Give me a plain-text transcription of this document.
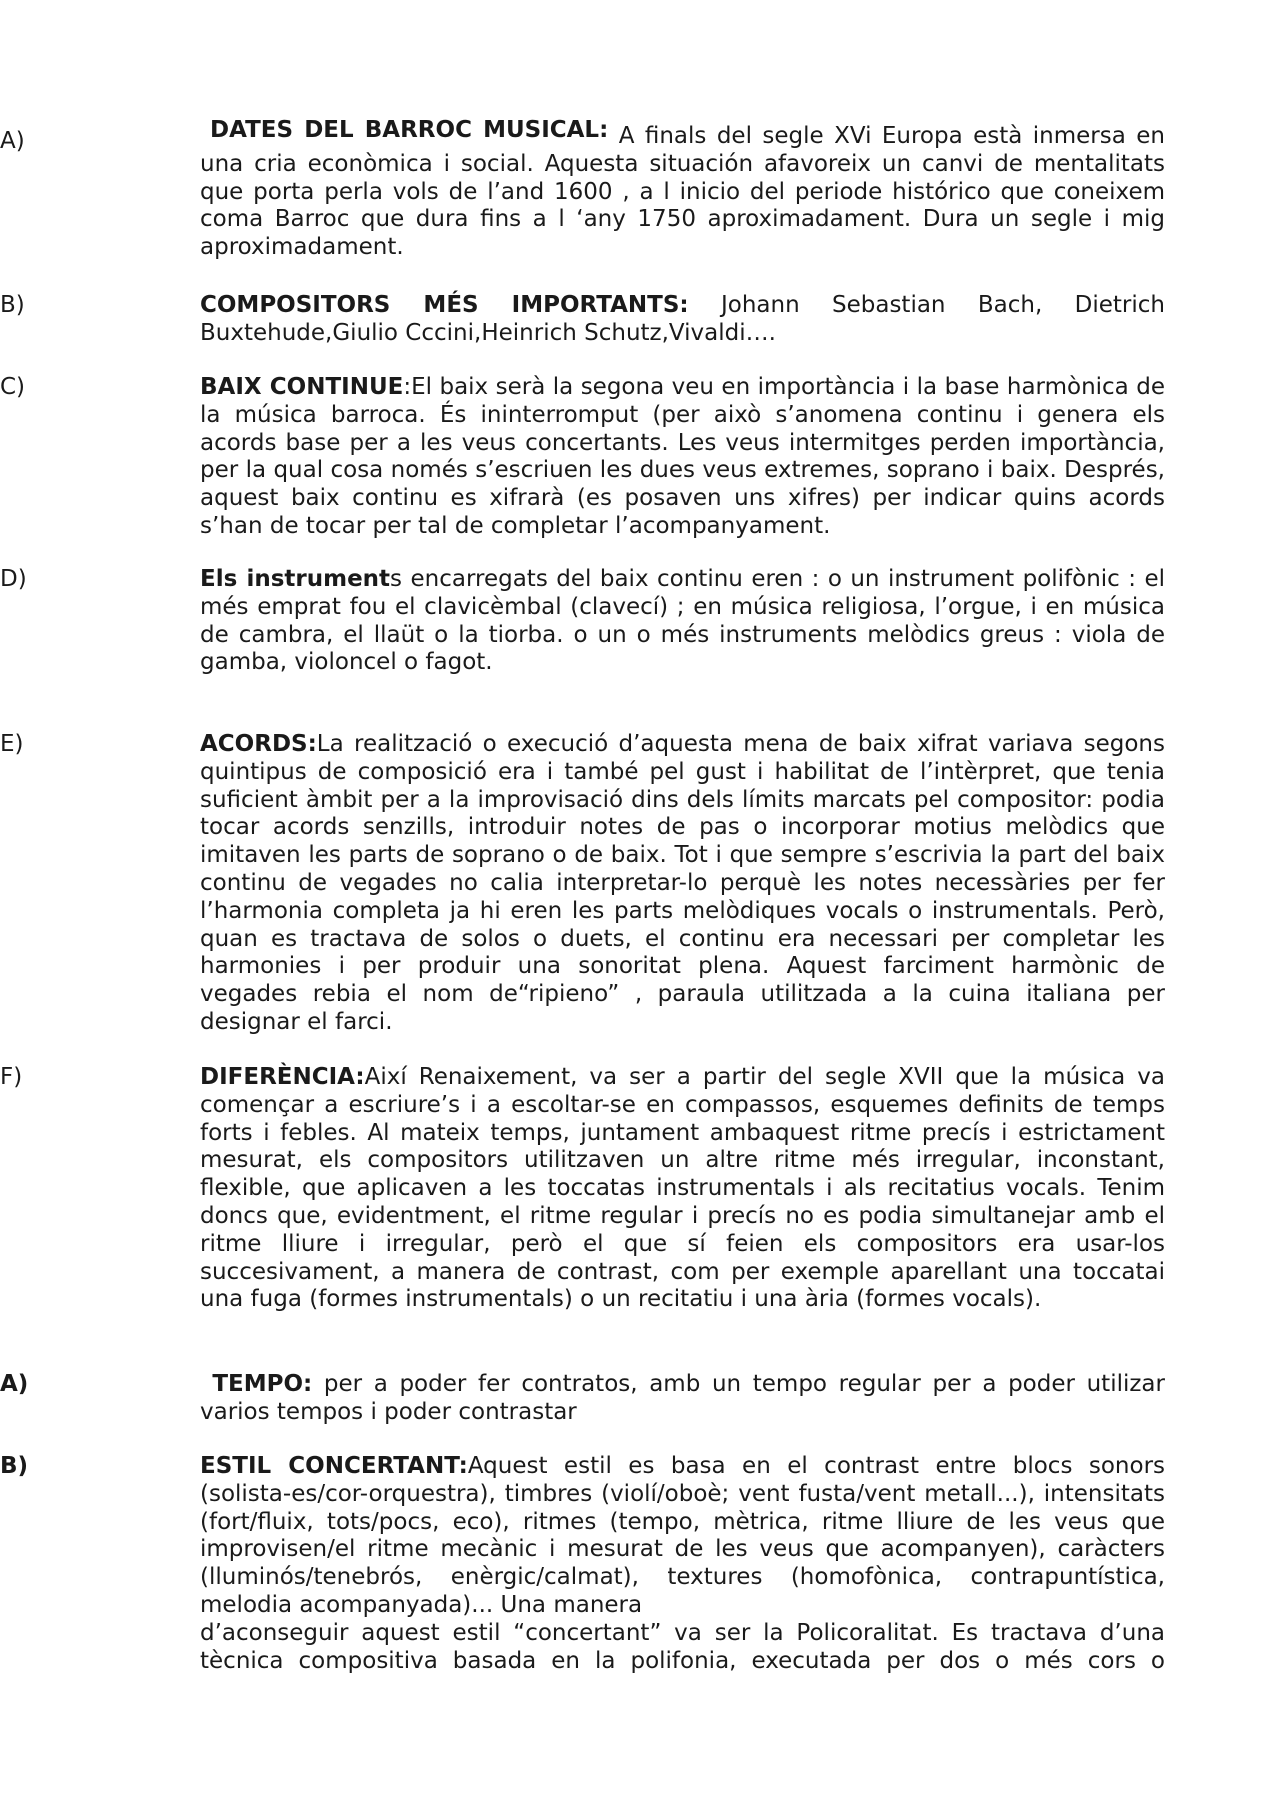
A)	DATES DEL BARROC MUSICAL: A finals del segle XVi Europa està inmersa en una cria econòmica i social. Aquesta situación afavoreix un canvi de mentalitats que porta perla vols de l’and 1600 , a l inicio del periode histórico que coneixem coma Barroc que dura fins a l ‘any 1750 aproximadament. Dura un segle i mig aproximadament.
B)	COMPOSITORS MÉS IMPORTANTS: Johann Sebastian Bach, Dietrich Buxtehude,Giulio Cccini,Heinrich Schutz,Vivaldi….
C)	BAIX CONTINUE:El baix serà la segona veu en importància i la base harmònica de la música barroca. És ininterromput (per això s’anomena continu i genera els acords base per a les veus concertants. Les veus intermitges perden importància, per la qual cosa només s’escriuen les dues veus extremes, soprano i baix. Després, aquest baix continu es xifrarà (es posaven uns xifres) per indicar quins acords s’han de tocar per tal de completar l’acompanyament.
D)	Els instruments encarregats del baix continu eren : o un instrument polifònic : el més emprat fou el clavicèmbal (clavecí) ; en música religiosa, l’orgue, i en música de cambra, el llaüt o la tiorba. o un o més instruments melòdics greus : viola de gamba, violoncel o fagot.
E)	ACORDS:La realització o execució d’aquesta mena de baix xifrat variava segons quintipus de composició era i també pel gust i habilitat de l’intèrpret, que tenia suficient àmbit per a la improvisació dins dels límits marcats pel compositor: podia tocar acords senzills, introduir notes de pas o incorporar motius melòdics que imitaven les parts de soprano o de baix. Tot i que sempre s’escrivia la part del baix continu de vegades no calia interpretar-lo perquè les notes necessàries per fer l’harmonia completa ja hi eren les parts melòdiques vocals o instrumentals. Però, quan es tractava de solos o duets, el continu era necessari per completar les harmonies i per produir una sonoritat plena. Aquest farciment harmònic de vegades rebia el nom de“ripieno” , paraula utilitzada a la cuina italiana per designar el farci.
F)	DIFERÈNCIA:Així Renaixement, va ser a partir del segle XVII que la música va començar a escriure’s i a escoltar-se en compassos, esquemes definits de temps forts i febles. Al mateix temps, juntament ambaquest ritme precís i estrictament mesurat, els compositors utilitzaven un altre ritme més irregular, inconstant, flexible, que aplicaven a les toccatas instrumentals i als recitatius vocals. Tenim doncs que, evidentment, el ritme regular i precís no es podia simultanejar amb el ritme lliure i irregular, però el que sí feien els compositors era usar-los succesivament, a manera de contrast, com per exemple aparellant una toccatai una fuga (formes instrumentals) o un recitatiu i una ària (formes vocals).
A)	TEMPO: per a poder fer contratos, amb un tempo regular per a poder utilizar varios tempos i poder contrastar
B)	ESTIL CONCERTANT:Aquest estil es basa en el contrast entre blocs sonors (solista-es/cor-orquestra), timbres (violí/oboè; vent fusta/vent metall...), intensitats (fort/fluix, tots/pocs, eco), ritmes (tempo, mètrica, ritme lliure de les veus que improvisen/el ritme mecànic i mesurat de les veus que acompanyen), caràcters (lluminós/tenebrós, enèrgic/calmat), textures (homofònica, contrapuntística, melodia acompanyada)... Una manera
d’aconseguir aquest estil “concertant” va ser la Policoralitat. Es tractava d’una tècnica compositiva basada en la polifonia, executada per dos o més cors o
